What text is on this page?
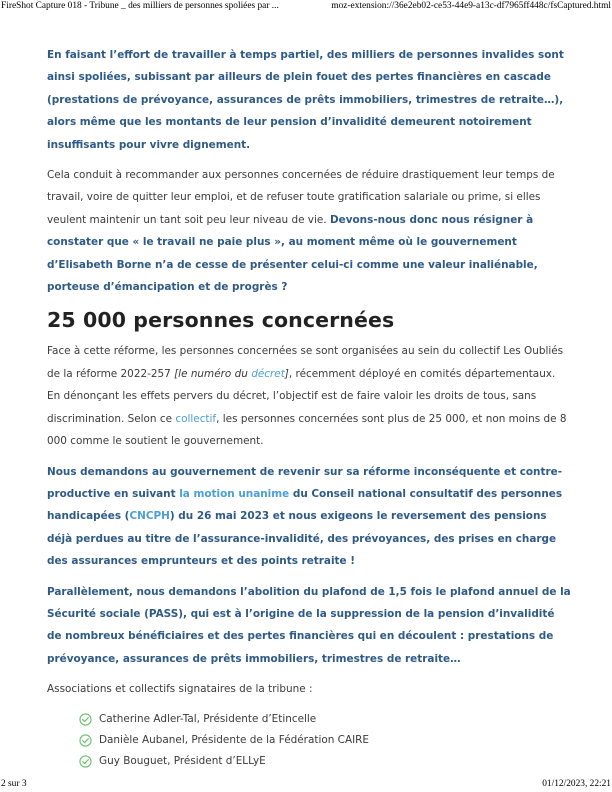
FireShot Capture 018 - Tribune _ des milliers de personnes spoliées par ...	moz-extension://36e2eb02-ce53-44e9-a13c-df7965ff448c/fsCaptured.html

En faisant l’effort de travailler à temps partiel, des milliers de personnes invalides sont ainsi spoliées, subissant par ailleurs de plein fouet des pertes financières en cascade (prestations de prévoyance, assurances de prêts immobiliers, trimestres de retraite…), alors même que les montants de leur pension d’invalidité demeurent notoirement insuffisants pour vivre dignement.

Cela conduit à recommander aux personnes concernées de réduire drastiquement leur temps de travail, voire de quitter leur emploi, et de refuser toute gratification salariale ou prime, si elles veulent maintenir un tant soit peu leur niveau de vie. Devons-nous donc nous résigner à constater que « le travail ne paie plus », au moment même où le gouvernement d’Elisabeth Borne n’a de cesse de présenter celui-ci comme une valeur inaliénable, porteuse d’émancipation et de progrès ?

25 000 personnes concernées

Face à cette réforme, les personnes concernées se sont organisées au sein du collectif Les Oubliés de la réforme 2022-257 [le numéro du décret], récemment déployé en comités départementaux. En dénonçant les effets pervers du décret, l’objectif est de faire valoir les droits de tous, sans discrimination. Selon ce collectif, les personnes concernées sont plus de 25 000, et non moins de 8 000 comme le soutient le gouvernement.

Nous demandons au gouvernement de revenir sur sa réforme inconséquente et contre-productive en suivant la motion unanime du Conseil national consultatif des personnes handicapées (CNCPH) du 26 mai 2023 et nous exigeons le reversement des pensions déjà perdues au titre de l’assurance-invalidité, des prévoyances, des prises en charge des assurances emprunteurs et des points retraite !

Parallèlement, nous demandons l’abolition du plafond de 1,5 fois le plafond annuel de la Sécurité sociale (PASS), qui est à l’origine de la suppression de la pension d’invalidité de nombreux bénéficiaires et des pertes financières qui en découlent : prestations de prévoyance, assurances de prêts immobiliers, trimestres de retraite…

Associations et collectifs signataires de la tribune :

Catherine Adler-Tal, Présidente d’Etincelle
Danièle Aubanel, Présidente de la Fédération CAIRE
Guy Bouguet, Président d’ELLyE
2 sur 3	01/12/2023, 22:21
